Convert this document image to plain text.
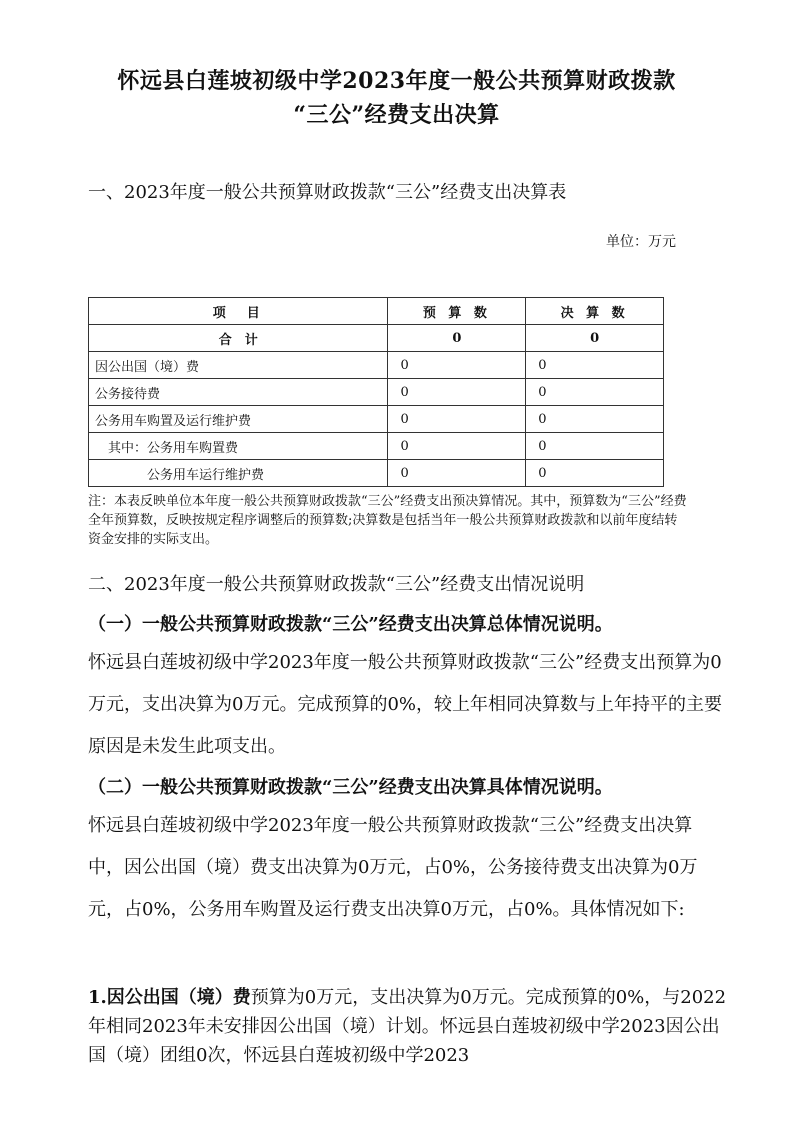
怀远县白莲坡初级中学2023年度一般公共预算财政拨款
“三公”经费支出决算
一、2023年度一般公共预算财政拨款“三公”经费支出决算表
单位：万元
项　目	预 算 数	决 算 数
合　计	0	0
因公出国（境）费	0	0
公务接待费	0	0
公务用车购置及运行维护费	0	0
　其中：公务用车购置费	0	0
　　　　公务用车运行维护费	0	0
注：本表反映单位本年度一般公共预算财政拨款“三公”经费支出预决算情况。其中，预算数为“三公”经费全年预算数，反映按规定程序调整后的预算数;决算数是包括当年一般公共预算财政拨款和以前年度结转资金安排的实际支出。
二、2023年度一般公共预算财政拨款“三公”经费支出情况说明
（一）一般公共预算财政拨款“三公”经费支出决算总体情况说明。
怀远县白莲坡初级中学2023年度一般公共预算财政拨款“三公”经费支出预算为0万元，支出决算为0万元。完成预算的0%，较上年相同决算数与上年持平的主要原因是未发生此项支出。
（二）一般公共预算财政拨款“三公”经费支出决算具体情况说明。
怀远县白莲坡初级中学2023年度一般公共预算财政拨款“三公”经费支出决算中，因公出国（境）费支出决算为0万元，占0%，公务接待费支出决算为0万元，占0%，公务用车购置及运行费支出决算0万元，占0%。具体情况如下:
1.因公出国（境）费预算为0万元，支出决算为0万元。完成预算的0%，与2022年相同2023年未安排因公出国（境）计划。怀远县白莲坡初级中学2023因公出国（境）团组0次，怀远县白莲坡初级中学2023
